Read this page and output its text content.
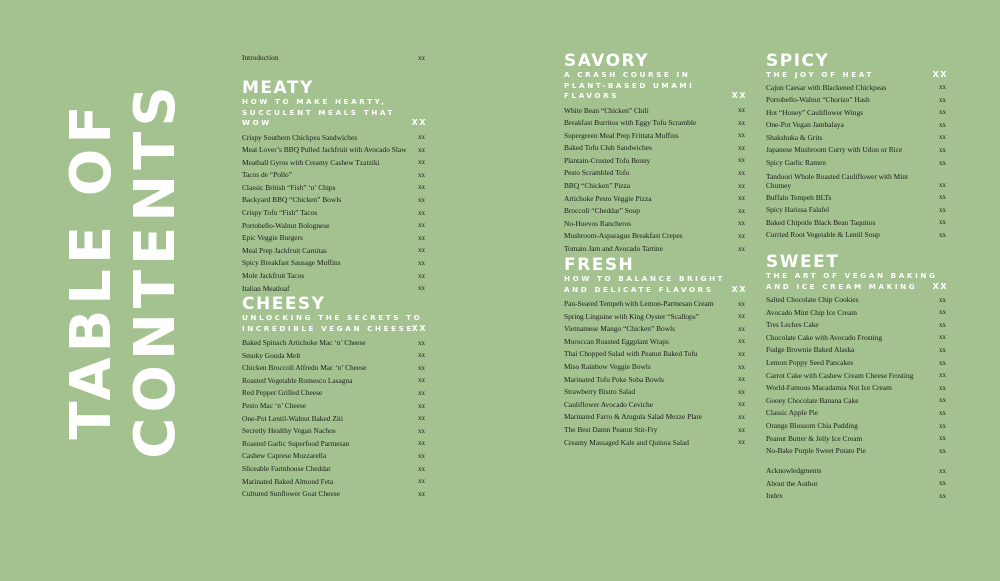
TABLE OF CONTENTS
Introduction	xx
MEATY
HOW TO MAKE HEARTY,
SUCCULENT MEALS THAT WOW	XX
Crispy Southern Chickpea Sandwiches	xx
Meat Lover’s BBQ Pulled Jackfruit with Avocado Slaw xx
Meatball Gyros with Creamy Cashew Tzatziki	xx
Tacos de “Pollo”	xx
Classic British “Fish” ‘n’ Chips	xx
Backyard BBQ “Chicken” Bowls	xx
Crispy Tofu “Fish” Tacos	xx
Portobello-Walnut Bolognese	xx
Epic Veggie Burgers	xx
Meal Prep Jackfruit Carnitas	xx
Spicy Breakfast Sausage Muffins	xx
Mole Jackfruit Tacos	xx
Italian Meatloaf	xx
CHEESY
UNLOCKING THE SECRETS TO
INCREDIBLE VEGAN CHEESE
XX
Baked Spinach Artichoke Mac ‘n’ Cheese	xx
Smoky Gouda Melt	xx
Chicken Broccoli Alfredo Mac ‘n’ Cheese	xx
Roasted Vegetable Romesco Lasagna	xx
Red Pepper Grilled Cheese	xx
Pesto Mac ‘n’ Cheese	xx
One-Pot Lentil-Walnut Baked Ziti	xx
Secretly Healthy Vegan Nachos	xx
Roasted Garlic Superfood Parmesan	xx
Cashew Caprese Mozzarella	xx
Sliceable Farmhouse Cheddar	xx
Marinated Baked Almond Feta	xx
Cultured Sunflower Goat Cheese	xx
SAVORY
A CRASH COURSE IN
PLANT-BASED UMAMI FLAVORS	XX
White Bean “Chicken” Chili	xx
Breakfast Burritos with Eggy Tofu Scramble	xx
Supergreen Meal Prep Frittata Muffins	xx
Baked Tofu Club Sandwiches	xx
Plantain-Crusted Tofu Benny	xx
Pesto Scrambled Tofu	xx
BBQ “Chicken” Pizza	xx
Artichoke Pesto Veggie Pizza	xx
Broccoli “Cheddar” Soup	xx
No-Huevos Rancheros	xx
Mushroom-Asparagus Breakfast Crepes	xx
Tomato Jam and Avocado Tartine	xx
FRESH
HOW TO BALANCE BRIGHT
AND DELICATE FLAVORS	XX
Pan-Seared Tempeh with Lemon-Parmesan Cream	xx
Spring Linguine with King Oyster “Scallops”	xx
Vietnamese Mango “Chicken” Bowls	xx
Moroccan Roasted Eggplant Wraps	xx
Thai Chopped Salad with Peanut Baked Tofu	xx
Miso Rainbow Veggie Bowls	xx
Marinated Tofu Poke Soba Bowls	xx
Strawberry Bistro Salad	xx
Cauliflower Avocado Ceviche	xx
Marinated Farro & Arugula Salad Mezze Plate	xx
The Best Damn Peanut Stir-Fry	xx
Creamy Massaged Kale and Quinoa Salad	xx
SPICY
THE JOY OF HEAT	XX
Cajun Caesar with Blackened Chickpeas	xx
Portobello-Walnut “Chorizo” Hash	xx
Hot “Honey” Cauliflower Wings	xx
One-Pot Vegan Jambalaya	xx
Shakshuka & Grits	xx
Japanese Mushroom Curry with Udon or Rice	xx
Spicy Garlic Ramen	xx
Tandoori Whole Roasted Cauliflower with Mint Chutney	xx
Buffalo Tempeh BLTs	xx
Spicy Harissa Falafel	xx
Baked Chipotle Black Bean Taquitos	xx
Curried Root Vegetable & Lentil Soup	xx
SWEET
THE ART OF VEGAN BAKING
AND ICE CREAM MAKING	XX
Salted Chocolate Chip Cookies	xx
Avocado Mint Chip Ice Cream	xx
Tres Leches Cake	xx
Chocolate Cake with Avocado Frosting	xx
Fudge Brownie Baked Alaska	xx
Lemon Poppy Seed Pancakes	xx
Carrot Cake with Cashew Cream Cheese Frosting	xx
World-Famous Macadamia Nut Ice Cream	xx
Gooey Chocolate Banana Cake	xx
Classic Apple Pie	xx
Orange Blossom Chia Pudding	xx
Peanut Butter & Jelly Ice Cream	xx
No-Bake Purple Sweet Potato Pie	xx
Acknowledgments	xx
About the Author	xx
Index	xx
